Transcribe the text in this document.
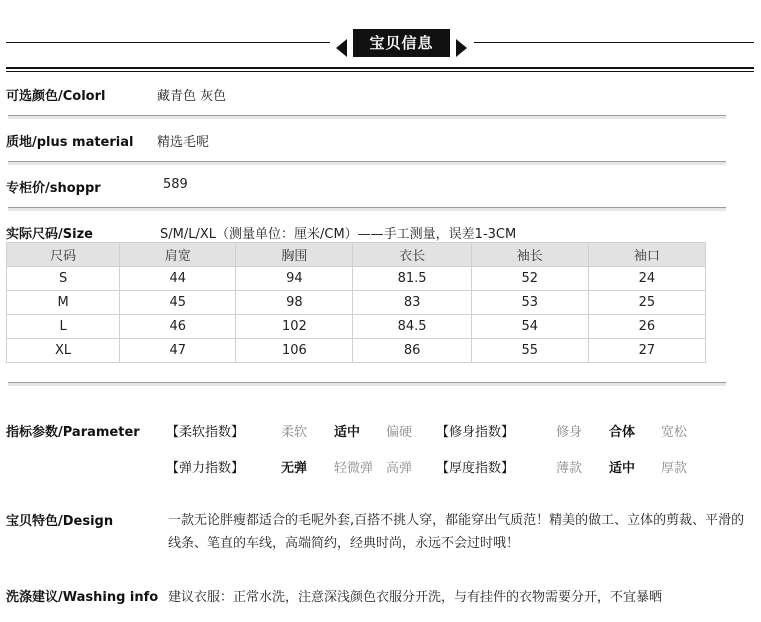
宝贝信息
可选颜色/Colorl	藏青色 灰色
质地/plus material 精选毛呢
专柜价/shoppr	589
实际尺码/Size	S/M/L/XL（测量单位：厘米/CM）——手工测量，误差1-3CM
尺码	肩宽	胸围	衣长	袖长	袖口
S	44	94	81.5	52	24
M	45	98	83	53	25
L	46	102	84.5	54	26
XL	47	106	86	55	27
指标参数/Parameter 【柔软指数】	柔软 适中 偏硬 【修身指数】	修身 合体 宽松
【弹力指数】	无弹 轻微弹 高弹 【厚度指数】	薄款 适中 厚款
宝贝特色/Design	一款无论胖瘦都适合的毛呢外套,百搭不挑人穿，都能穿出气质范！精美的做工、立体的剪裁、平滑的线条、笔直的车线，高端简约，经典时尚，永远不会过时哦！
洗涤建议/Washing info 建议衣服：正常水洗，注意深浅颜色衣服分开洗，与有挂件的衣物需要分开，不宜暴晒
